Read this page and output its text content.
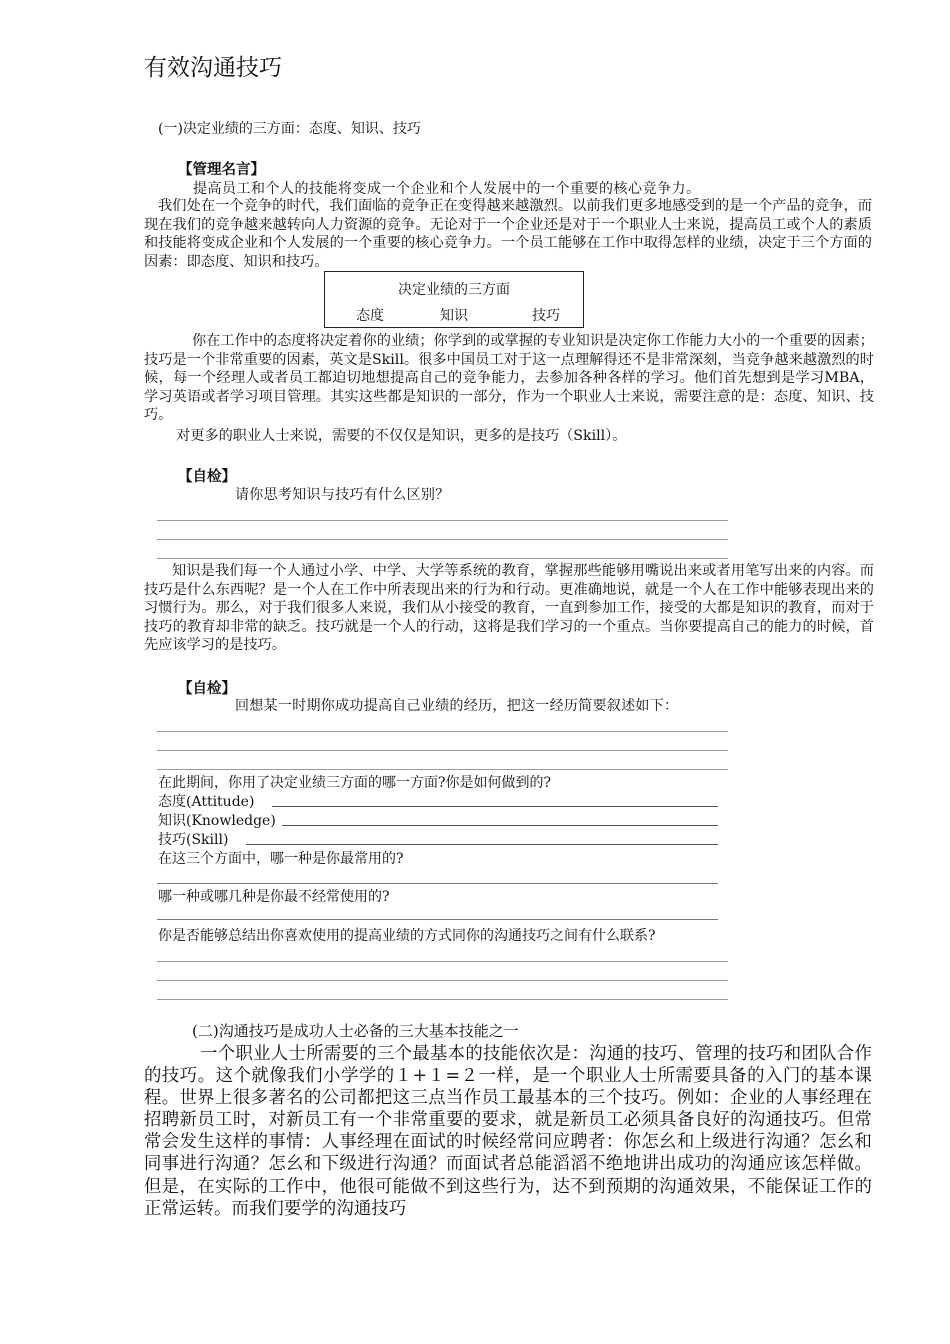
有效沟通技巧
(一)决定业绩的三方面：态度、知识、技巧
【管理名言】
提高员工和个人的技能将变成一个企业和个人发展中的一个重要的核心竞争力。
我们处在一个竞争的时代，我们面临的竞争正在变得越来越激烈。以前我们更多地感受到的是一个产品的竞争，而现在我们的竞争越来越转向人力资源的竞争。无论对于一个企业还是对于一个职业人士来说，提高员工或个人的素质和技能将变成企业和个人发展的一个重要的核心竞争力。一个员工能够在工作中取得怎样的业绩，决定于三个方面的因素：即态度、知识和技巧。
决定业绩的三方面
态度	知识	技巧
你在工作中的态度将决定着你的业绩；你学到的或掌握的专业知识是决定你工作能力大小的一个重要的因素；技巧是一个非常重要的因素，英文是Skill。很多中国员工对于这一点理解得还不是非常深刻，当竞争越来越激烈的时候，每一个经理人或者员工都迫切地想提高自己的竞争能力，去参加各种各样的学习。他们首先想到是学习MBA，学习英语或者学习项目管理。其实这些都是知识的一部分，作为一个职业人士来说，需要注意的是：态度、知识、技巧。
对更多的职业人士来说，需要的不仅仅是知识，更多的是技巧（Skill）。
【自检】
请你思考知识与技巧有什么区别？
知识是我们每一个人通过小学、中学、大学等系统的教育，掌握那些能够用嘴说出来或者用笔写出来的内容。而技巧是什么东西呢？是一个人在工作中所表现出来的行为和行动。更准确地说，就是一个人在工作中能够表现出来的习惯行为。那么，对于我们很多人来说，我们从小接受的教育，一直到参加工作，接受的大都是知识的教育，而对于技巧的教育却非常的缺乏。技巧就是一个人的行动，这将是我们学习的一个重点。当你要提高自己的能力的时候，首先应该学习的是技巧。
【自检】
回想某一时期你成功提高自己业绩的经历，把这一经历简要叙述如下：
在此期间，你用了决定业绩三方面的哪一方面?你是如何做到的?
态度(Attitude)
知识(Knowledge)
技巧(Skill)
在这三个方面中，哪一种是你最常用的?
哪一种或哪几种是你最不经常使用的?
你是否能够总结出你喜欢使用的提高业绩的方式同你的沟通技巧之间有什么联系?
(二)沟通技巧是成功人士必备的三大基本技能之一
一个职业人士所需要的三个最基本的技能依次是：沟通的技巧、管理的技巧和团队合作的技巧。这个就像我们小学学的１+１=２一样，是一个职业人士所需要具备的入门的基本课程。世界上很多著名的公司都把这三点当作员工最基本的三个技巧。例如：企业的人事经理在招聘新员工时，对新员工有一个非常重要的要求，就是新员工必须具备良好的沟通技巧。但常常会发生这样的事情：人事经理在面试的时候经常问应聘者：你怎幺和上级进行沟通？怎幺和同事进行沟通？怎幺和下级进行沟通？而面试者总能滔滔不绝地讲出成功的沟通应该怎样做。但是，在实际的工作中，他很可能做不到这些行为，达不到预期的沟通效果，不能保证工作的正常运转。而我们要学的沟通技巧
